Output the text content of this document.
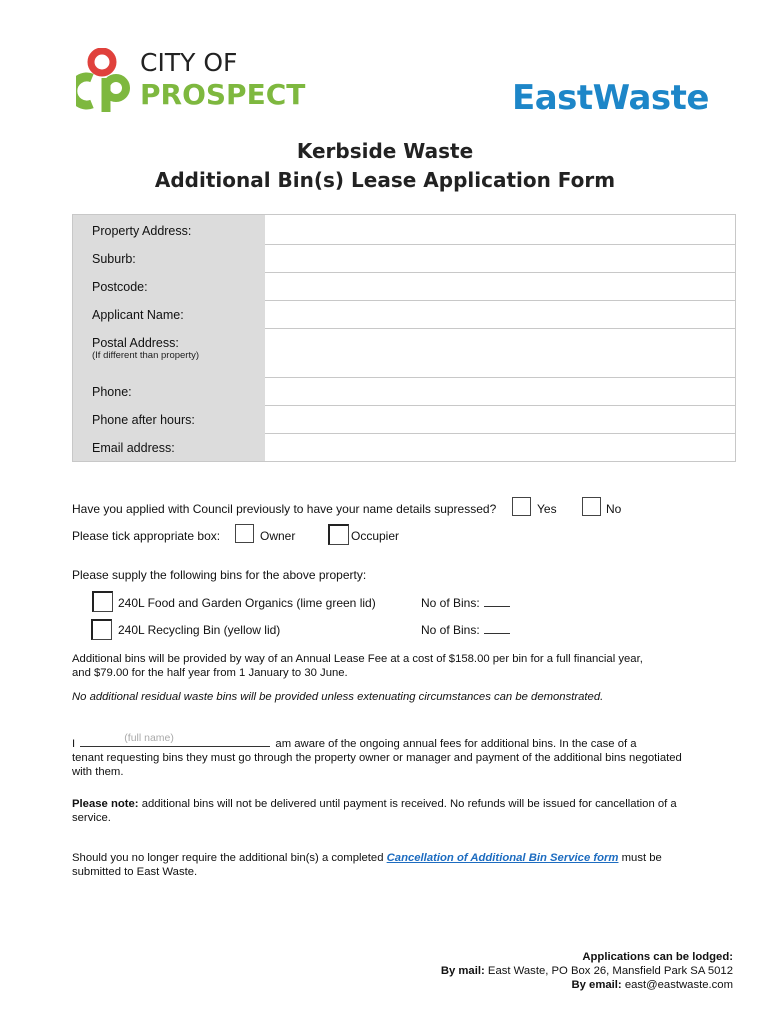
CITY OF
PROSPECT	EastWaste
Kerbside Waste
Additional Bin(s) Lease Application Form
Property Address:
Suburb:
Postcode:
Applicant Name:
Postal Address:
(If different than property)
Phone:
Phone after hours:
Email address:
Have you applied with Council previously to have your name details supressed?	Yes	No
Please tick appropriate box:	Owner	Occupier
Please supply the following bins for the above property:
240L Food and Garden Organics (lime green lid)	No of Bins:
240L Recycling Bin (yellow lid)	No of Bins:
Additional bins will be provided by way of an Annual Lease Fee at a cost of $158.00 per bin for a full financial year,
and $79.00 for the half year from 1 January to 30 June.
No additional residual waste bins will be provided unless extenuating circumstances can be demonstrated.
I	(full name)	am aware of the ongoing annual fees for additional bins. In the case of a
tenant requesting bins they must go through the property owner or manager and payment of the additional bins negotiated
with them.
Please note: additional bins will not be delivered until payment is received. No refunds will be issued for cancellation of a
service.
Should you no longer require the additional bin(s) a completed Cancellation of Additional Bin Service form must be
submitted to East Waste.
Applications can be lodged:
By mail: East Waste, PO Box 26, Mansfield Park SA 5012
By email: east@eastwaste.com
